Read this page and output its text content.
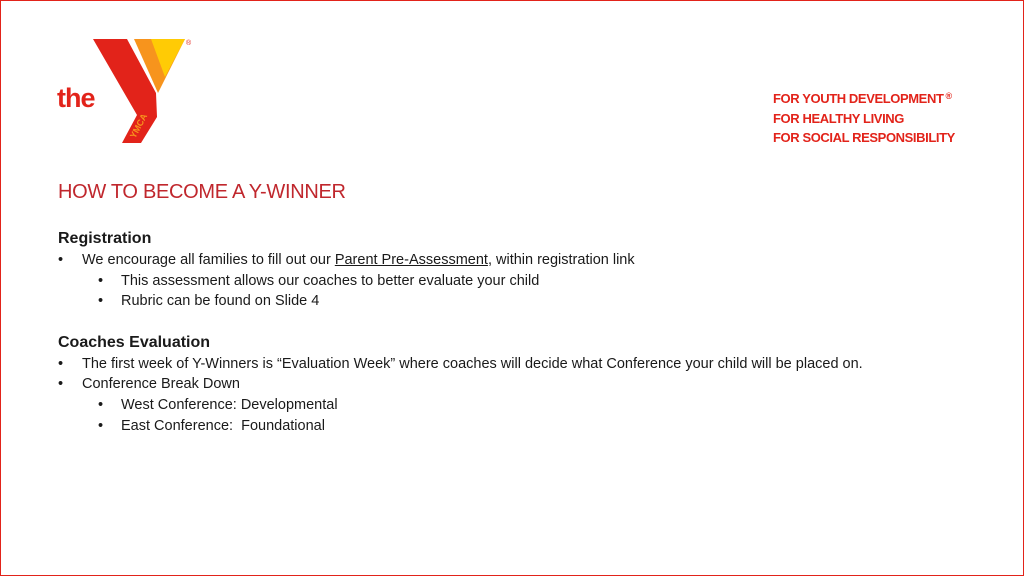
the
YMCA
®
FOR YOUTH DEVELOPMENT ®
FOR HEALTHY LIVING
FOR SOCIAL RESPONSIBILITY
HOW TO BECOME A Y-WINNER
Registration
• We encourage all families to fill out our Parent Pre-Assessment, within registration link
• This assessment allows our coaches to better evaluate your child
• Rubric can be found on Slide 4
Coaches Evaluation
• The first week of Y-Winners is “Evaluation Week” where coaches will decide what Conference your child will be placed on.
• Conference Break Down
• West Conference: Developmental
• East Conference:  Foundational
